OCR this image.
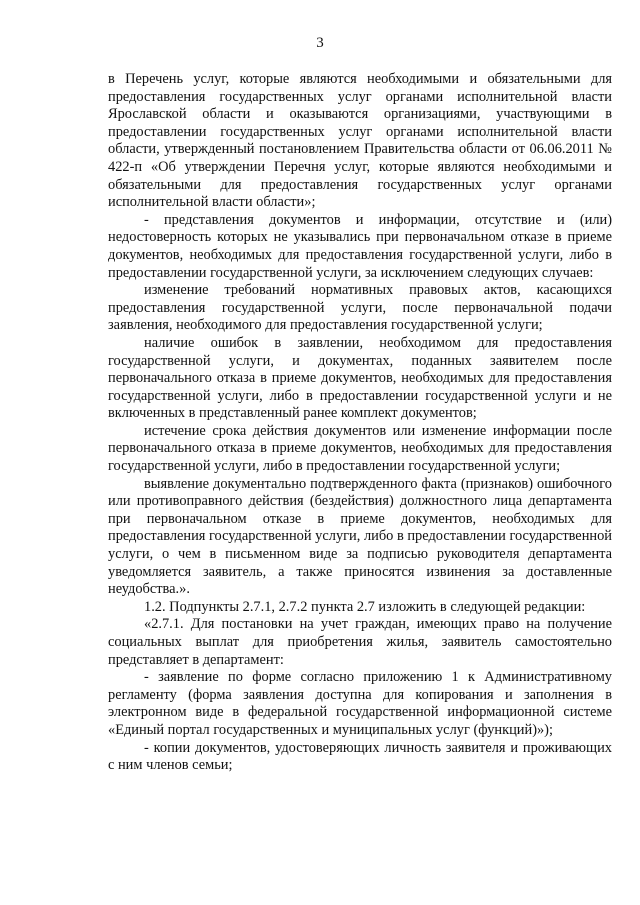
3

в Перечень услуг, которые являются необходимыми и обязательными для предоставления государственных услуг органами исполнительной власти Ярославской области и оказываются организациями, участвующими в предоставлении государственных услуг органами исполнительной власти области, утвержденный постановлением Правительства области от 06.06.2011 № 422-п «Об утверждении Перечня услуг, которые являются необходимыми и обязательными для предоставления государственных услуг органами исполнительной власти области»;

- представления документов и информации, отсутствие и (или) недостоверность которых не указывались при первоначальном отказе в приеме документов, необходимых для предоставления государственной услуги, либо в предоставлении государственной услуги, за исключением следующих случаев:

изменение требований нормативных правовых актов, касающихся предоставления государственной услуги, после первоначальной подачи заявления, необходимого для предоставления государственной услуги;

наличие ошибок в заявлении, необходимом для предоставления государственной услуги, и документах, поданных заявителем после первоначального отказа в приеме документов, необходимых для предоставления государственной услуги, либо в предоставлении государственной услуги и не включенных в представленный ранее комплект документов;

истечение срока действия документов или изменение информации после первоначального отказа в приеме документов, необходимых для предоставления государственной услуги, либо в предоставлении государственной услуги;

выявление документально подтвержденного факта (признаков) ошибочного или противоправного действия (бездействия) должностного лица департамента при первоначальном отказе в приеме документов, необходимых для предоставления государственной услуги, либо в предоставлении государственной услуги, о чем в письменном виде за подписью руководителя департамента уведомляется заявитель, а также приносятся извинения за доставленные неудобства.».

1.2. Подпункты 2.7.1, 2.7.2 пункта 2.7 изложить в следующей редакции:

«2.7.1. Для постановки на учет граждан, имеющих право на получение социальных выплат для приобретения жилья, заявитель самостоятельно представляет в департамент:

- заявление по форме согласно приложению 1 к Административному регламенту (форма заявления доступна для копирования и заполнения в электронном виде в федеральной государственной информационной системе «Единый портал государственных и муниципальных услуг (функций)»);

- копии документов, удостоверяющих личность заявителя и проживающих с ним членов семьи;
